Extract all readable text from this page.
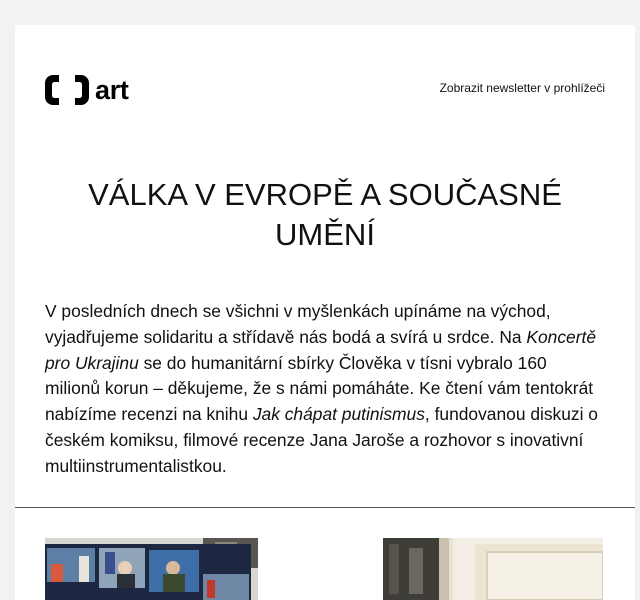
art	Zobrazit newsletter v prohlížeči
VÁLKA V EVROPĚ A SOUČASNÉ UMĚNÍ

V posledních dnech se všichni v myšlenkách upínáme na východ, vyjadřujeme solidaritu a střídavě nás bodá a svírá u srdce. Na Koncertě pro Ukrajinu se do humanitární sbírky Člověka v tísni vybralo 160 milionů korun – děkujeme, že s námi pomáháte. Ke čtení vám tentokrát nabízíme recenzi na knihu Jak chápat putinismus, fundovanou diskuzi o českém komiksu, filmové recenze Jana Jaroše a rozhovor s inovativní multiinstrumentalistkou.
